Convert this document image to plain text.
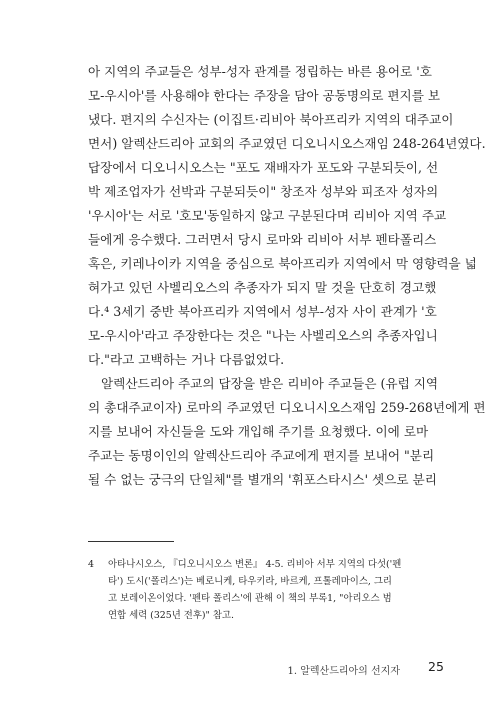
아 지역의 주교들은 성부-성자 관계를 정립하는 바른 용어로 '호
모-우시아'를 사용해야 한다는 주장을 담아 공동명의로 편지를 보
냈다. 편지의 수신자는 (이집트·리비아 북아프리카 지역의 대주교이
면서) 알렉산드리아 교회의 주교였던 디오니시오스재임 248-264년였다.
답장에서 디오니시오스는 "포도 재배자가 포도와 구분되듯이, 선
박 제조업자가 선박과 구분되듯이" 창조자 성부와 피조자 성자의
'우시아'는 서로 '호모'동일하지 않고 구분된다며 리비아 지역 주교
들에게 응수했다. 그러면서 당시 로마와 리비아 서부 펜타폴리스
혹은, 키레나이카 지역을 중심으로 북아프리카 지역에서 막 영향력을 넓
혀가고 있던 사벨리오스의 추종자가 되지 말 것을 단호히 경고했
다.⁴ 3세기 중반 북아프리카 지역에서 성부-성자 사이 관계가 '호
모-우시아'라고 주장한다는 것은 "나는 사벨리오스의 추종자입니
다."라고 고백하는 거나 다름없었다.
알렉산드리아 주교의 답장을 받은 리비아 주교들은 (유럽 지역
의 총대주교이자) 로마의 주교였던 디오니시오스재임 259-268년에게 편
지를 보내어 자신들을 도와 개입해 주기를 요청했다. 이에 로마
주교는 동명이인의 알렉산드리아 주교에게 편지를 보내어 "분리
될 수 없는 궁극의 단일체"를 별개의 '휘포스타시스' 셋으로 분리
4 아타나시오스, 『디오니시오스 변론』 4-5. 리비아 서부 지역의 다섯('펜
타') 도시('폴리스')는 베로니케, 타우키라, 바르케, 프톨레마이스, 그리
고 보레이온이었다. '펜타 폴리스'에 관해 이 책의 부록1, "아리오스 범
연합 세력 (325년 전후)" 참고.
1. 알렉산드리아의 선지자 25
